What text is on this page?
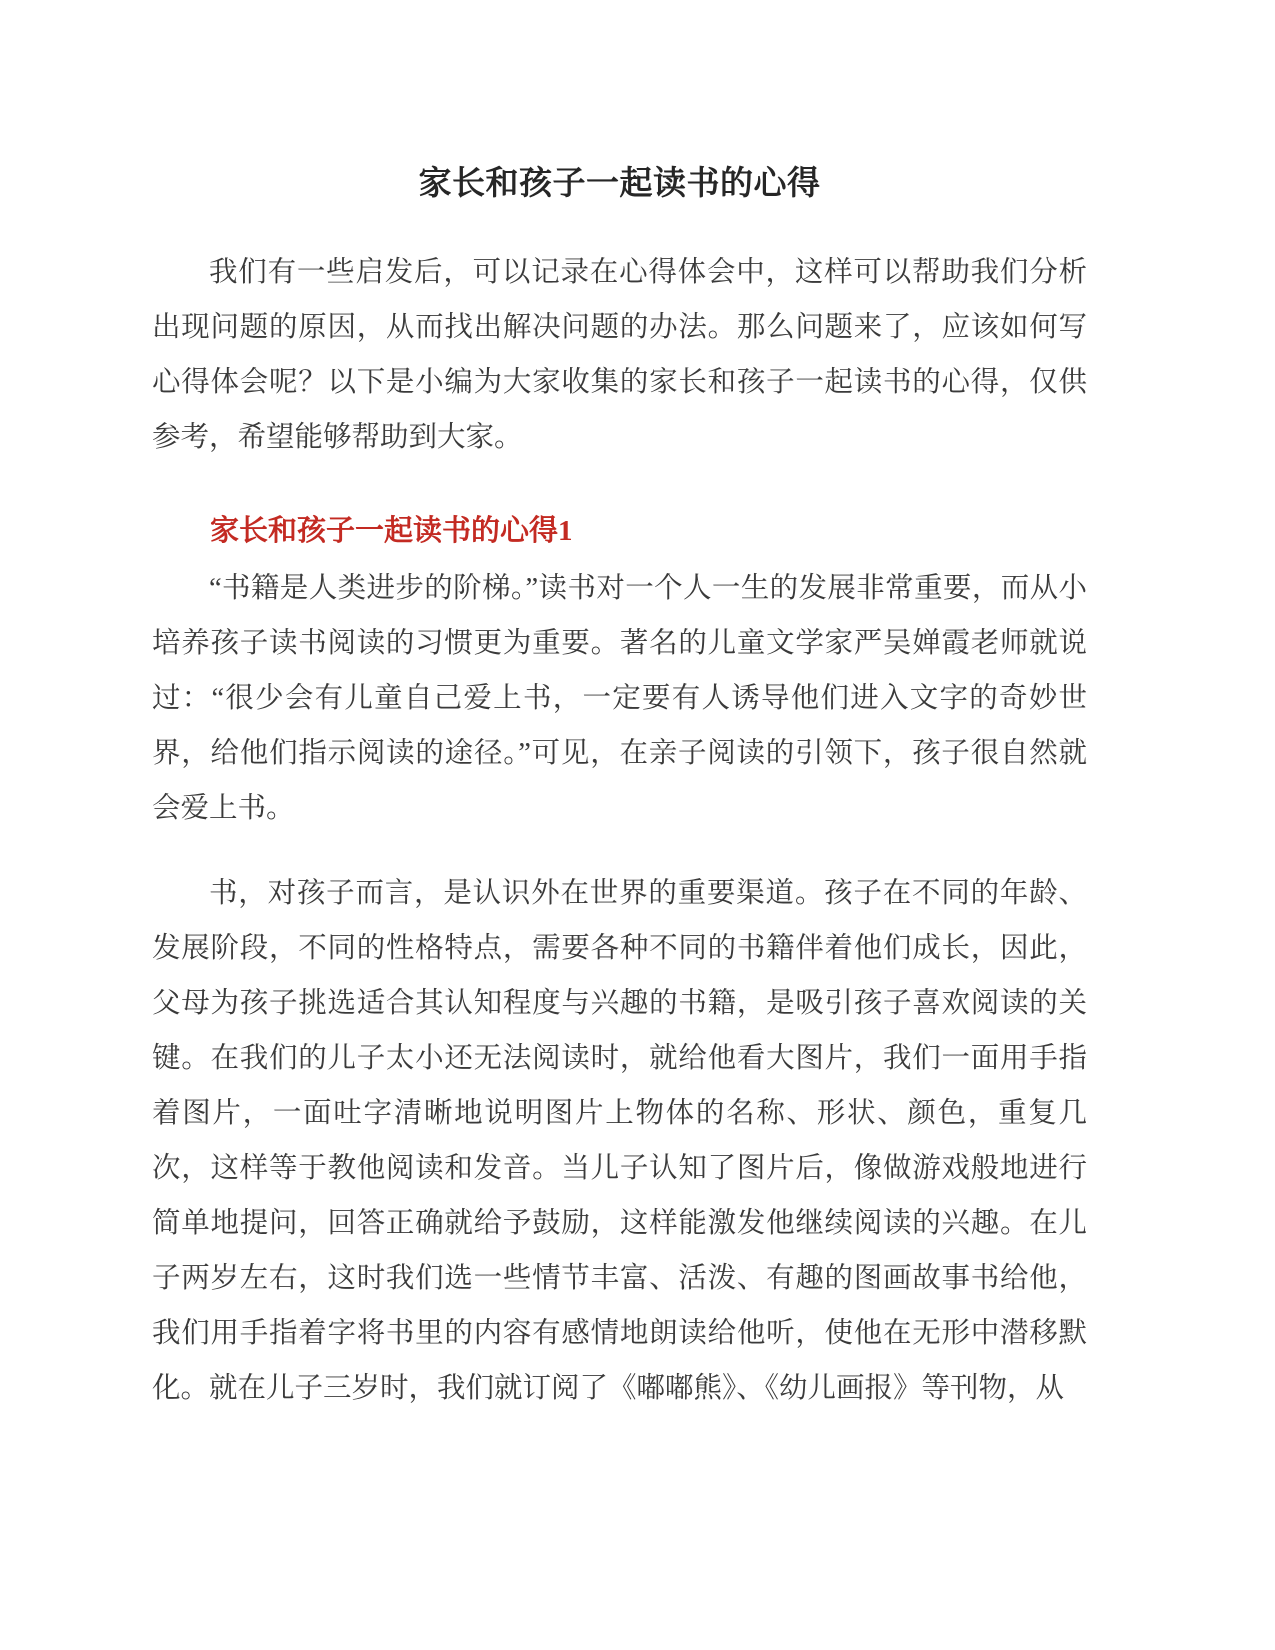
家长和孩子一起读书的心得

我们有一些启发后，可以记录在心得体会中，这样可以帮助我们分析出现问题的原因，从而找出解决问题的办法。那么问题来了，应该如何写心得体会呢？以下是小编为大家收集的家长和孩子一起读书的心得，仅供参考，希望能够帮助到大家。

家长和孩子一起读书的心得1

“书籍是人类进步的阶梯。”读书对一个人一生的发展非常重要，而从小培养孩子读书阅读的习惯更为重要。著名的儿童文学家严吴婵霞老师就说过：“很少会有儿童自己爱上书，一定要有人诱导他们进入文字的奇妙世界，给他们指示阅读的途径。”可见，在亲子阅读的引领下，孩子很自然就会爱上书。

书，对孩子而言，是认识外在世界的重要渠道。孩子在不同的年龄、发展阶段，不同的性格特点，需要各种不同的书籍伴着他们成长，因此，父母为孩子挑选适合其认知程度与兴趣的书籍，是吸引孩子喜欢阅读的关键。在我们的儿子太小还无法阅读时，就给他看大图片，我们一面用手指着图片，一面吐字清晰地说明图片上物体的名称、形状、颜色，重复几次，这样等于教他阅读和发音。当儿子认知了图片后，像做游戏般地进行简单地提问，回答正确就给予鼓励，这样能激发他继续阅读的兴趣。在儿子两岁左右，这时我们选一些情节丰富、活泼、有趣的图画故事书给他，我们用手指着字将书里的内容有感情地朗读给他听，使他在无形中潜移默化。就在儿子三岁时，我们就订阅了《嘟嘟熊》、《幼儿画报》等刊物，从
